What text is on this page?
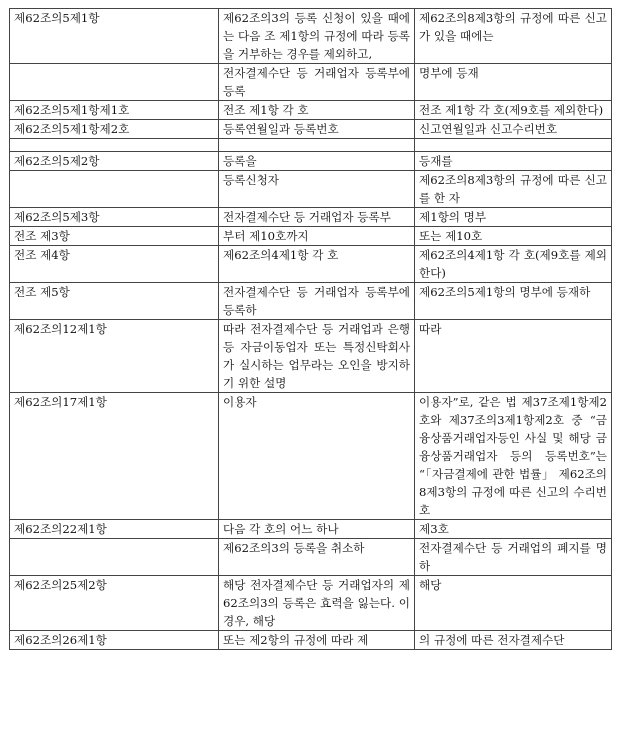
제62조의5제1항	제62조의3의 등록 신청이 있을 때에는 다음 조 제1항의 규정에 따라 등록을 거부하는 경우를 제외하고,	제62조의8제3항의 규정에 따른 신고가 있을 때에는
	전자결제수단 등 거래업자 등록부에 등록	명부에 등재
제62조의5제1항제1호	전조 제1항 각 호	전조 제1항 각 호(제9호를 제외한다)
제62조의5제1항제2호	등록연월일과 등록번호	신고연월일과 신고수리번호

제62조의5제2항	등록을	등재를
	등록신청자	제62조의8제3항의 규정에 따른 신고를 한 자
제62조의5제3항	전자결제수단 등 거래업자 등록부	제1항의 명부
전조 제3항	부터 제10호까지	또는 제10호
전조 제4항	제62조의4제1항 각 호	제62조의4제1항 각 호(제9호를 제외한다)
전조 제5항	전자결제수단 등 거래업자 등록부에 등록하	제62조의5제1항의 명부에 등재하
제62조의12제1항	따라 전자결제수단 등 거래업과 은행 등 자금이동업자 또는 특정신탁회사가 실시하는 업무라는 오인을 방지하기 위한 설명	따라
제62조의17제1항	이용자	이용자”로, 같은 법 제37조제1항제2호와 제37조의3제1항제2호 중 “금융상품거래업자등인 사실 및 해당 금융상품거래업자 등의 등록번호”는 “「자금결제에 관한 법률」 제62조의8제3항의 규정에 따른 신고의 수리번호
제62조의22제1항	다음 각 호의 어느 하나	제3호
	제62조의3의 등록을 취소하	전자결제수단 등 거래업의 폐지를 명하
제62조의25제2항	해당 전자결제수단 등 거래업자의 제62조의3의 등록은 효력을 잃는다. 이 경우, 해당	해당
제62조의26제1항	또는 제2항의 규정에 따라 제	의 규정에 따른 전자결제수단
